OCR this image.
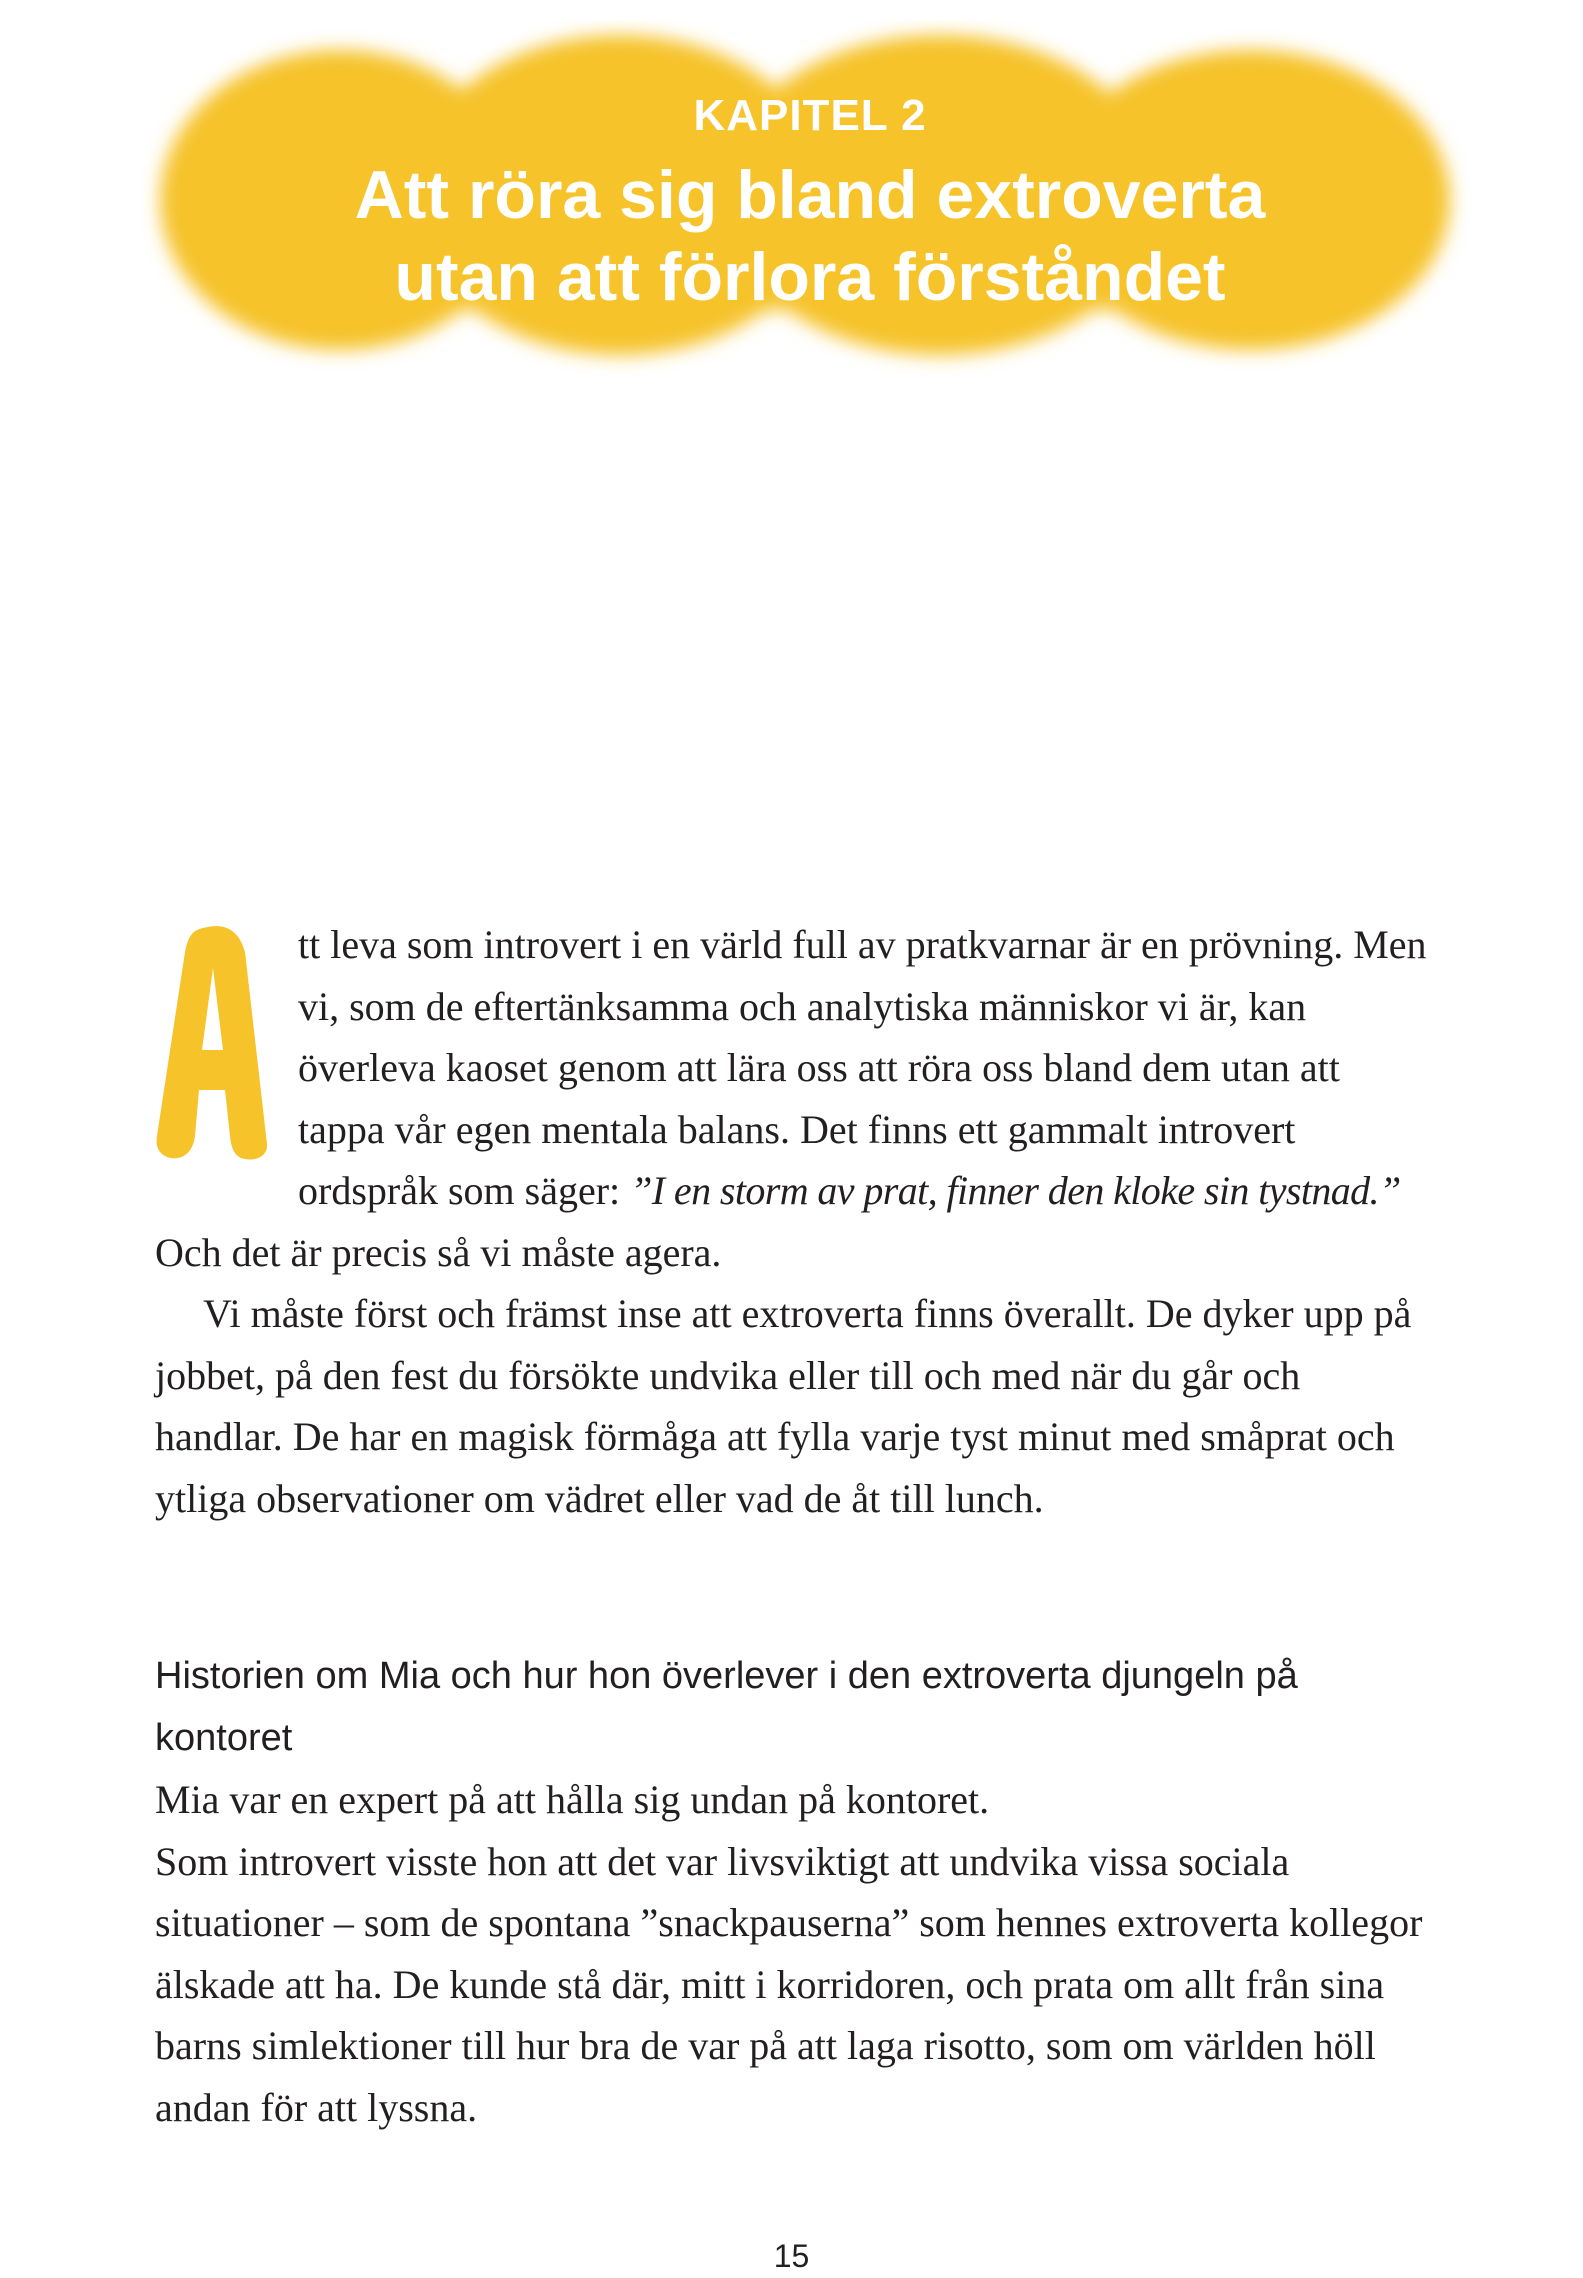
KAPITEL 2
Att röra sig bland extroverta
utan att förlora förståndet

tt leva som introvert i en värld full av pratkvarnar är en prövning. Men vi, som de eftertänksamma och analytiska människor vi är, kan överleva kaoset genom att lära oss att röra oss bland dem utan att tappa vår egen mentala balans. Det finns ett gammalt introvert ordspråk som säger: ”I en storm av prat, finner den kloke sin tystnad.” Och det är precis så vi måste agera.

Vi måste först och främst inse att extroverta finns överallt. De dyker upp på jobbet, på den fest du försökte undvika eller till och med när du går och handlar. De har en magisk förmåga att fylla varje tyst minut med småprat och ytliga observationer om vädret eller vad de åt till lunch.

Historien om Mia och hur hon överlever i den extroverta djungeln på kontoret

Mia var en expert på att hålla sig undan på kontoret.

Som introvert visste hon att det var livsviktigt att undvika vissa sociala situationer – som de spontana ”snackpauserna” som hennes extroverta kollegor älskade att ha. De kunde stå där, mitt i korridoren, och prata om allt från sina barns simlektioner till hur bra de var på att laga risotto, som om världen höll andan för att lyssna.

15
